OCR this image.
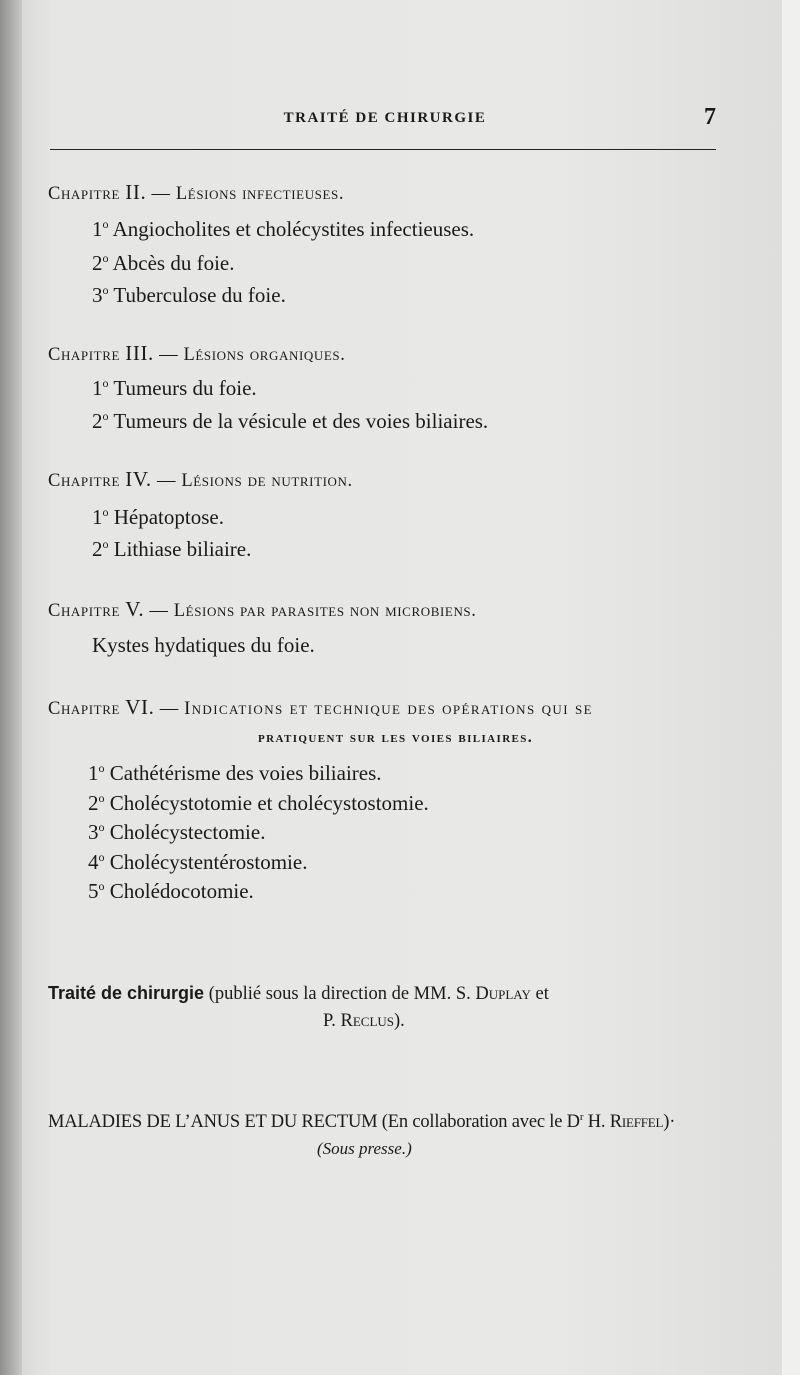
TRAITÉ DE CHIRURGIE	7
Chapitre II. — Lésions infectieuses.
1$^o$ Angiocholites et cholécystites infectieuses.
2$^o$ Abcès du foie.
3$^o$ Tuberculose du foie.
Chapitre III. — Lésions organiques.
1$^o$ Tumeurs du foie.
2$^o$ Tumeurs de la vésicule et des voies biliaires.
Chapitre IV. — Lésions de nutrition.
1$^o$ Hépatoptose.
2$^o$ Lithiase biliaire.
Chapitre V. — Lésions par parasites non microbiens.
Kystes hydatiques du foie.
Chapitre VI. — Indications et technique des opérations qui se
pratiquent sur les voies biliaires.
1$^o$ Cathétérisme des voies biliaires.
2$^o$ Cholécystotomie et cholécystostomie.
3$^o$ Cholécystectomie.
4$^o$ Cholécystentérostomie.
5$^o$ Cholédocotomie.
Traité de chirurgie (publié sous la direction de MM. S. Duplay et
P. Reclus).
MALADIES DE L’ANUS ET DU RECTUM (En collaboration avec le $D^r$ H. Rieffel)·
(Sous presse.)
